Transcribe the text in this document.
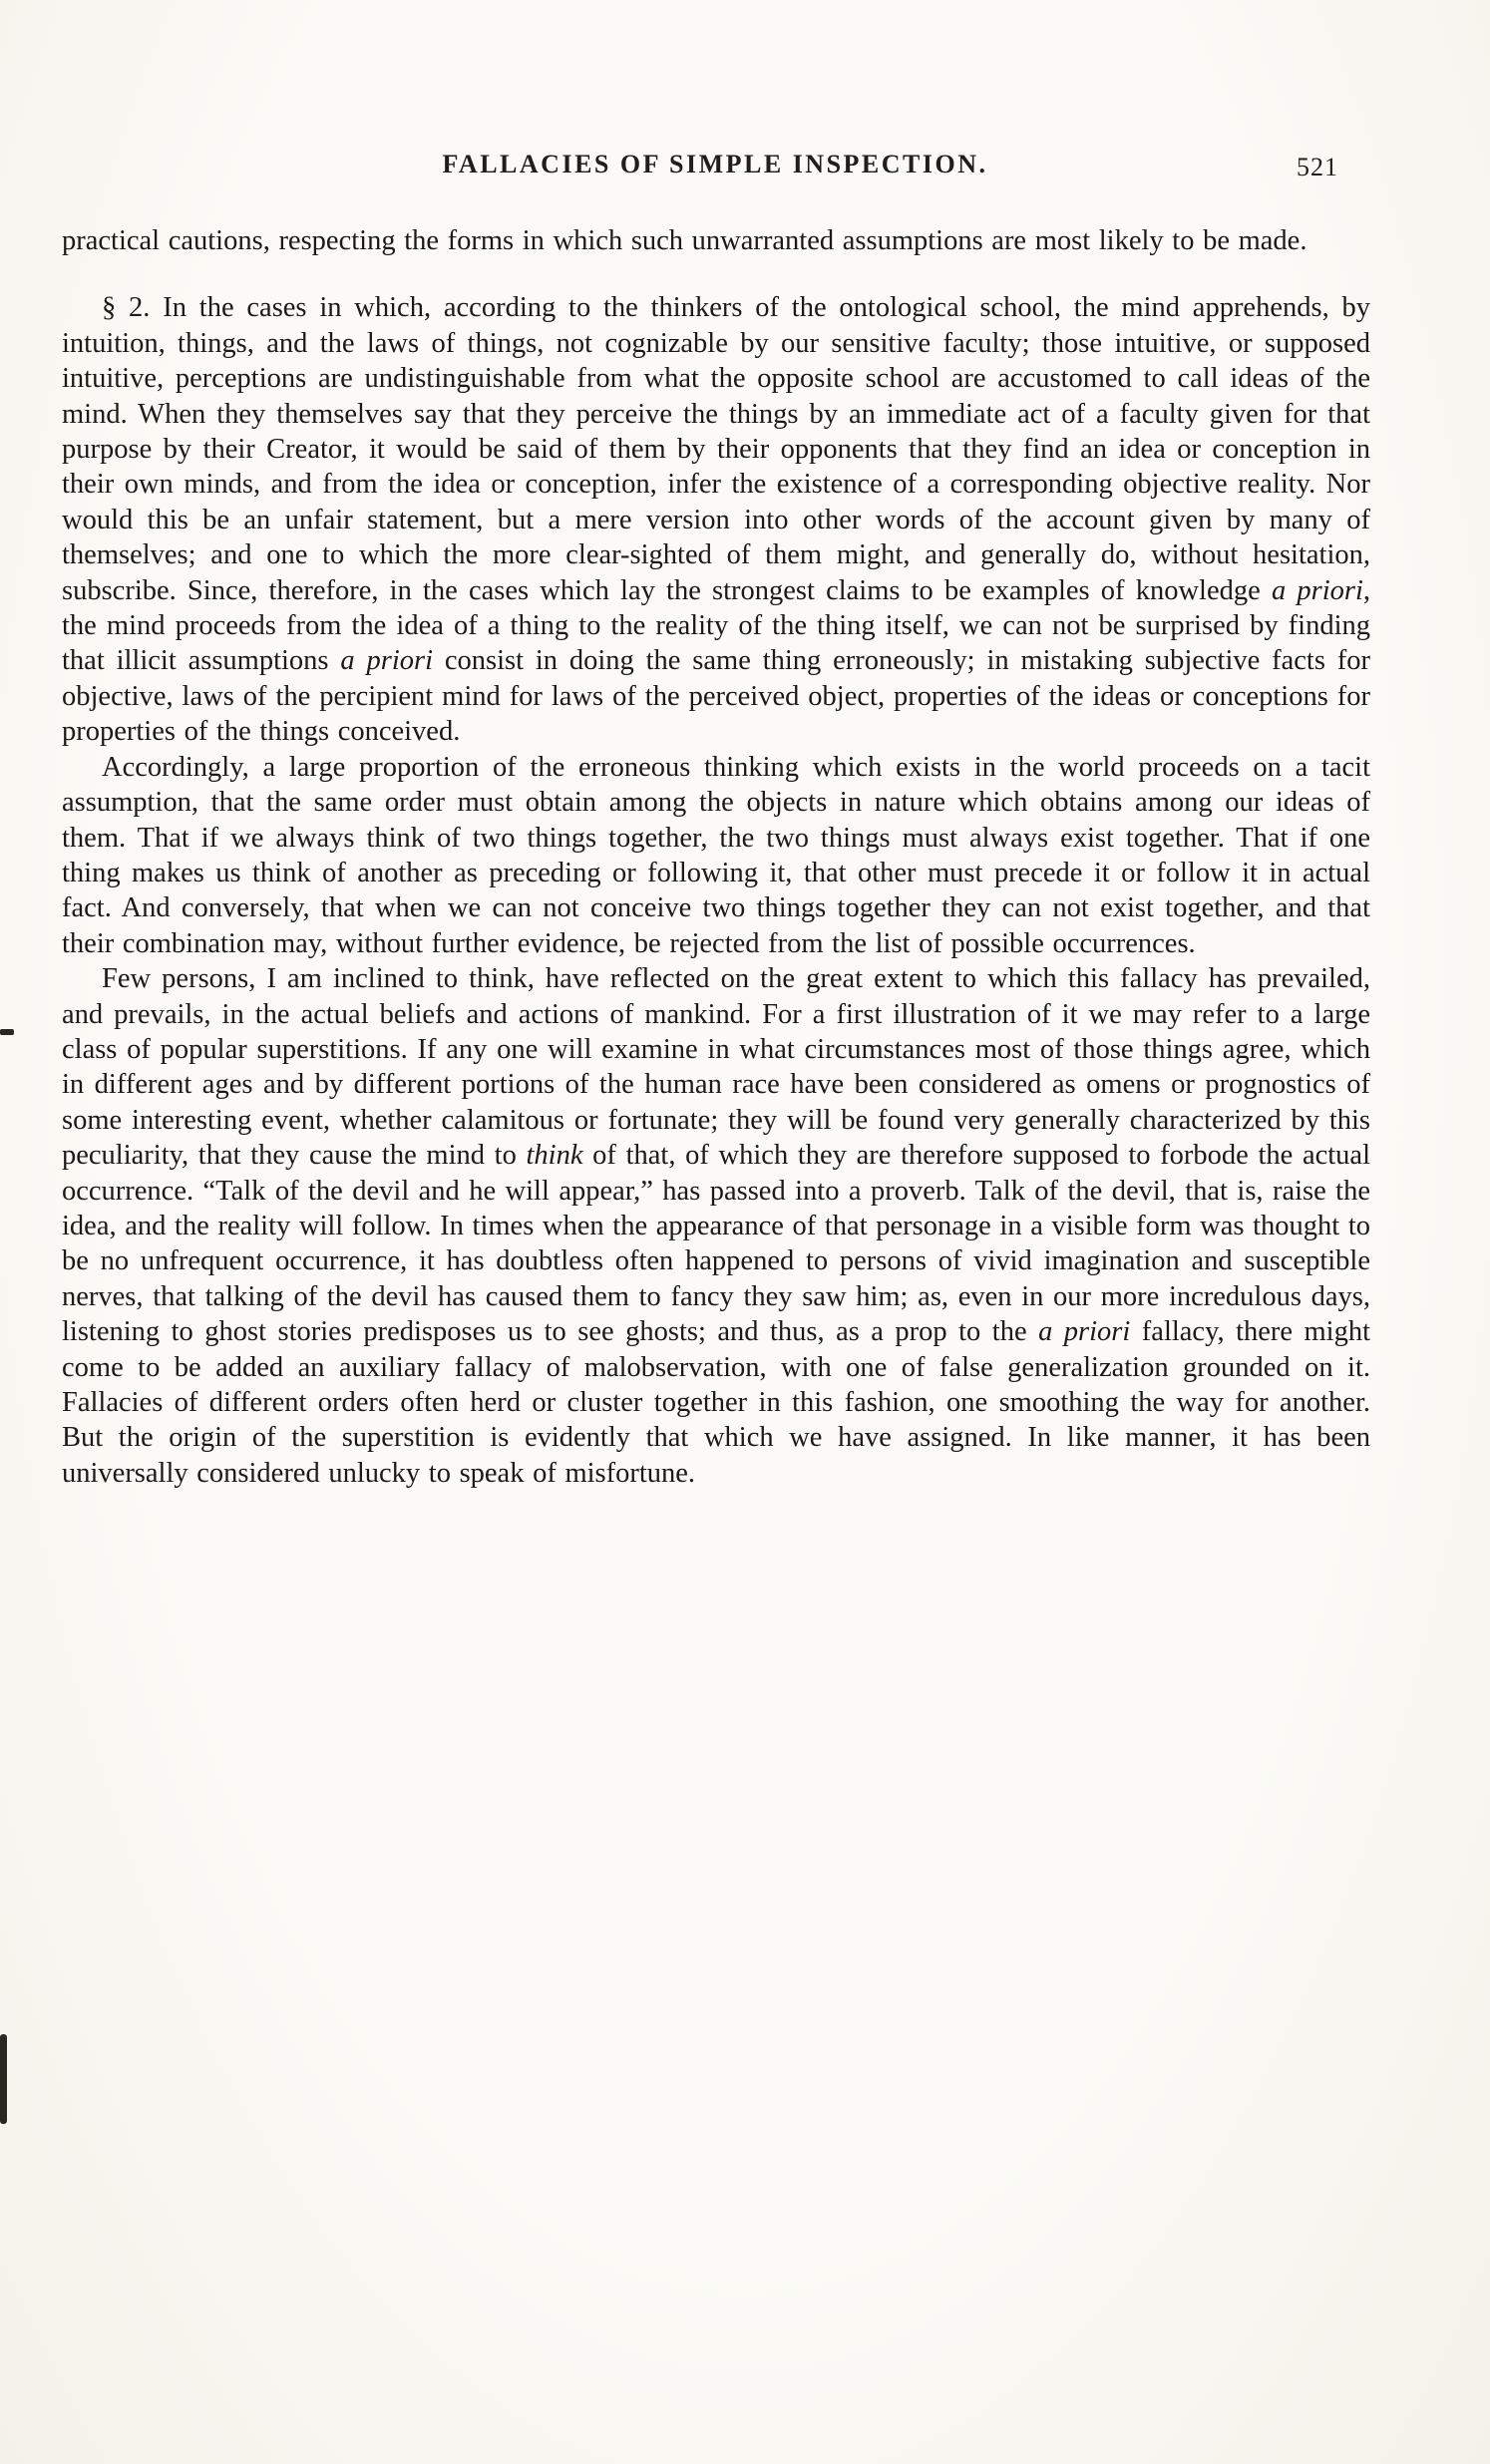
FALLACIES OF SIMPLE INSPECTION.	521

practical cautions, respecting the forms in which such unwarranted assumptions are most likely to be made.

§ 2. In the cases in which, according to the thinkers of the ontological school, the mind apprehends, by intuition, things, and the laws of things, not cognizable by our sensitive faculty; those intuitive, or supposed intuitive, perceptions are undistinguishable from what the opposite school are accustomed to call ideas of the mind. When they themselves say that they perceive the things by an immediate act of a faculty given for that purpose by their Creator, it would be said of them by their opponents that they find an idea or conception in their own minds, and from the idea or conception, infer the existence of a corresponding objective reality. Nor would this be an unfair statement, but a mere version into other words of the account given by many of themselves; and one to which the more clear-sighted of them might, and generally do, without hesitation, subscribe. Since, therefore, in the cases which lay the strongest claims to be examples of knowledge a priori, the mind proceeds from the idea of a thing to the reality of the thing itself, we can not be surprised by finding that illicit assumptions a priori consist in doing the same thing erroneously; in mistaking subjective facts for objective, laws of the percipient mind for laws of the perceived object, properties of the ideas or conceptions for properties of the things conceived.

Accordingly, a large proportion of the erroneous thinking which exists in the world proceeds on a tacit assumption, that the same order must obtain among the objects in nature which obtains among our ideas of them. That if we always think of two things together, the two things must always exist together. That if one thing makes us think of another as preceding or following it, that other must precede it or follow it in actual fact. And conversely, that when we can not conceive two things together they can not exist together, and that their combination may, without further evidence, be rejected from the list of possible occurrences.

Few persons, I am inclined to think, have reflected on the great extent to which this fallacy has prevailed, and prevails, in the actual beliefs and actions of mankind. For a first illustration of it we may refer to a large class of popular superstitions. If any one will examine in what circumstances most of those things agree, which in different ages and by different portions of the human race have been considered as omens or prognostics of some interesting event, whether calamitous or fortunate; they will be found very generally characterized by this peculiarity, that they cause the mind to think of that, of which they are therefore supposed to forbode the actual occurrence. “Talk of the devil and he will appear,” has passed into a proverb. Talk of the devil, that is, raise the idea, and the reality will follow. In times when the appearance of that personage in a visible form was thought to be no unfrequent occurrence, it has doubtless often happened to persons of vivid imagination and susceptible nerves, that talking of the devil has caused them to fancy they saw him; as, even in our more incredulous days, listening to ghost stories predisposes us to see ghosts; and thus, as a prop to the a priori fallacy, there might come to be added an auxiliary fallacy of malobservation, with one of false generalization grounded on it. Fallacies of different orders often herd or cluster together in this fashion, one smoothing the way for another. But the origin of the superstition is evidently that which we have assigned. In like manner, it has been universally considered unlucky to speak of misfortune.
